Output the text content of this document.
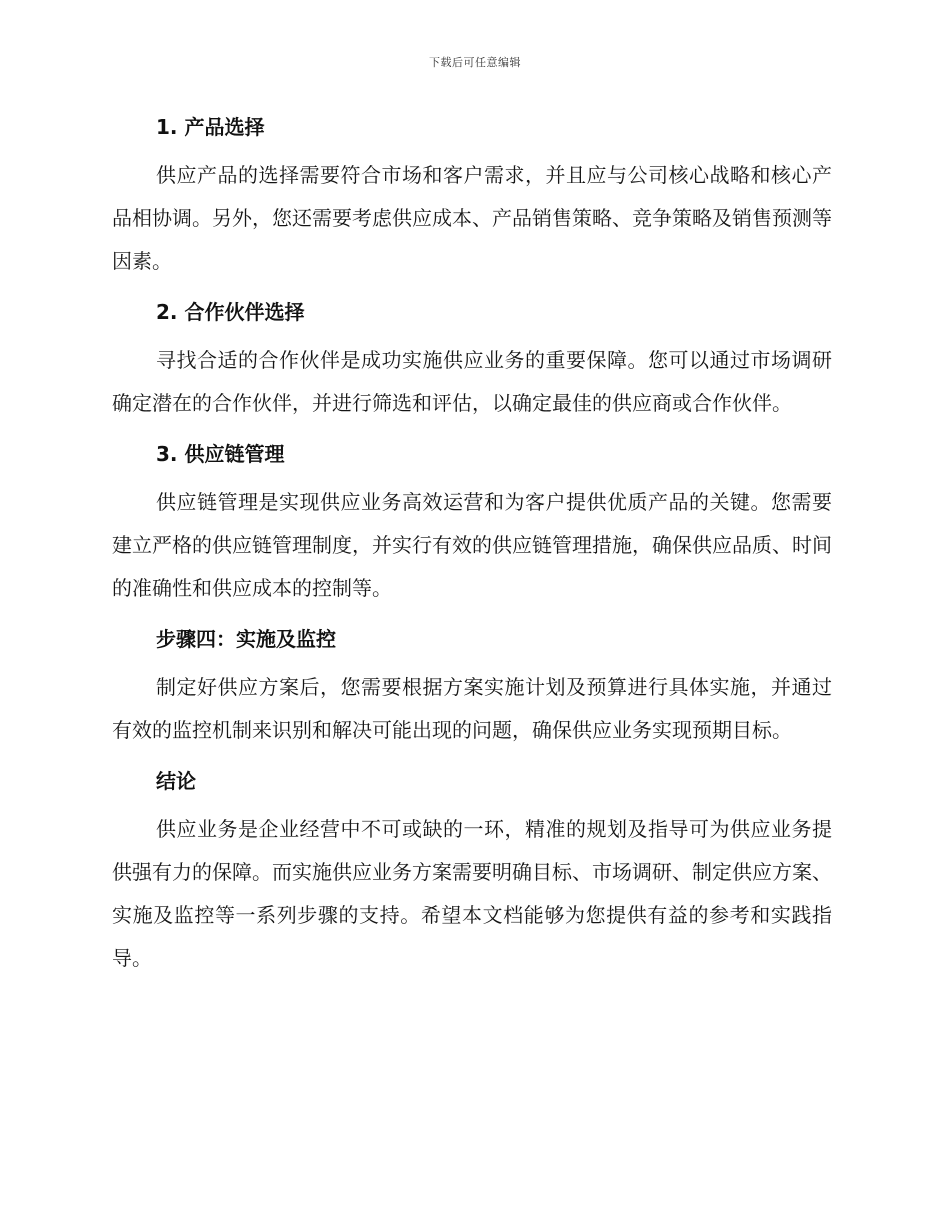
下载后可任意编辑
1. 产品选择

供应产品的选择需要符合市场和客户需求，并且应与公司核心战略和核心产品相协调。另外，您还需要考虑供应成本、产品销售策略、竞争策略及销售预测等因素。

2. 合作伙伴选择

寻找合适的合作伙伴是成功实施供应业务的重要保障。您可以通过市场调研确定潜在的合作伙伴，并进行筛选和评估，以确定最佳的供应商或合作伙伴。

3. 供应链管理

供应链管理是实现供应业务高效运营和为客户提供优质产品的关键。您需要建立严格的供应链管理制度，并实行有效的供应链管理措施，确保供应品质、时间的准确性和供应成本的控制等。

步骤四：实施及监控

制定好供应方案后，您需要根据方案实施计划及预算进行具体实施，并通过有效的监控机制来识别和解决可能出现的问题，确保供应业务实现预期目标。

结论

供应业务是企业经营中不可或缺的一环，精准的规划及指导可为供应业务提供强有力的保障。而实施供应业务方案需要明确目标、市场调研、制定供应方案、实施及监控等一系列步骤的支持。希望本文档能够为您提供有益的参考和实践指导。
